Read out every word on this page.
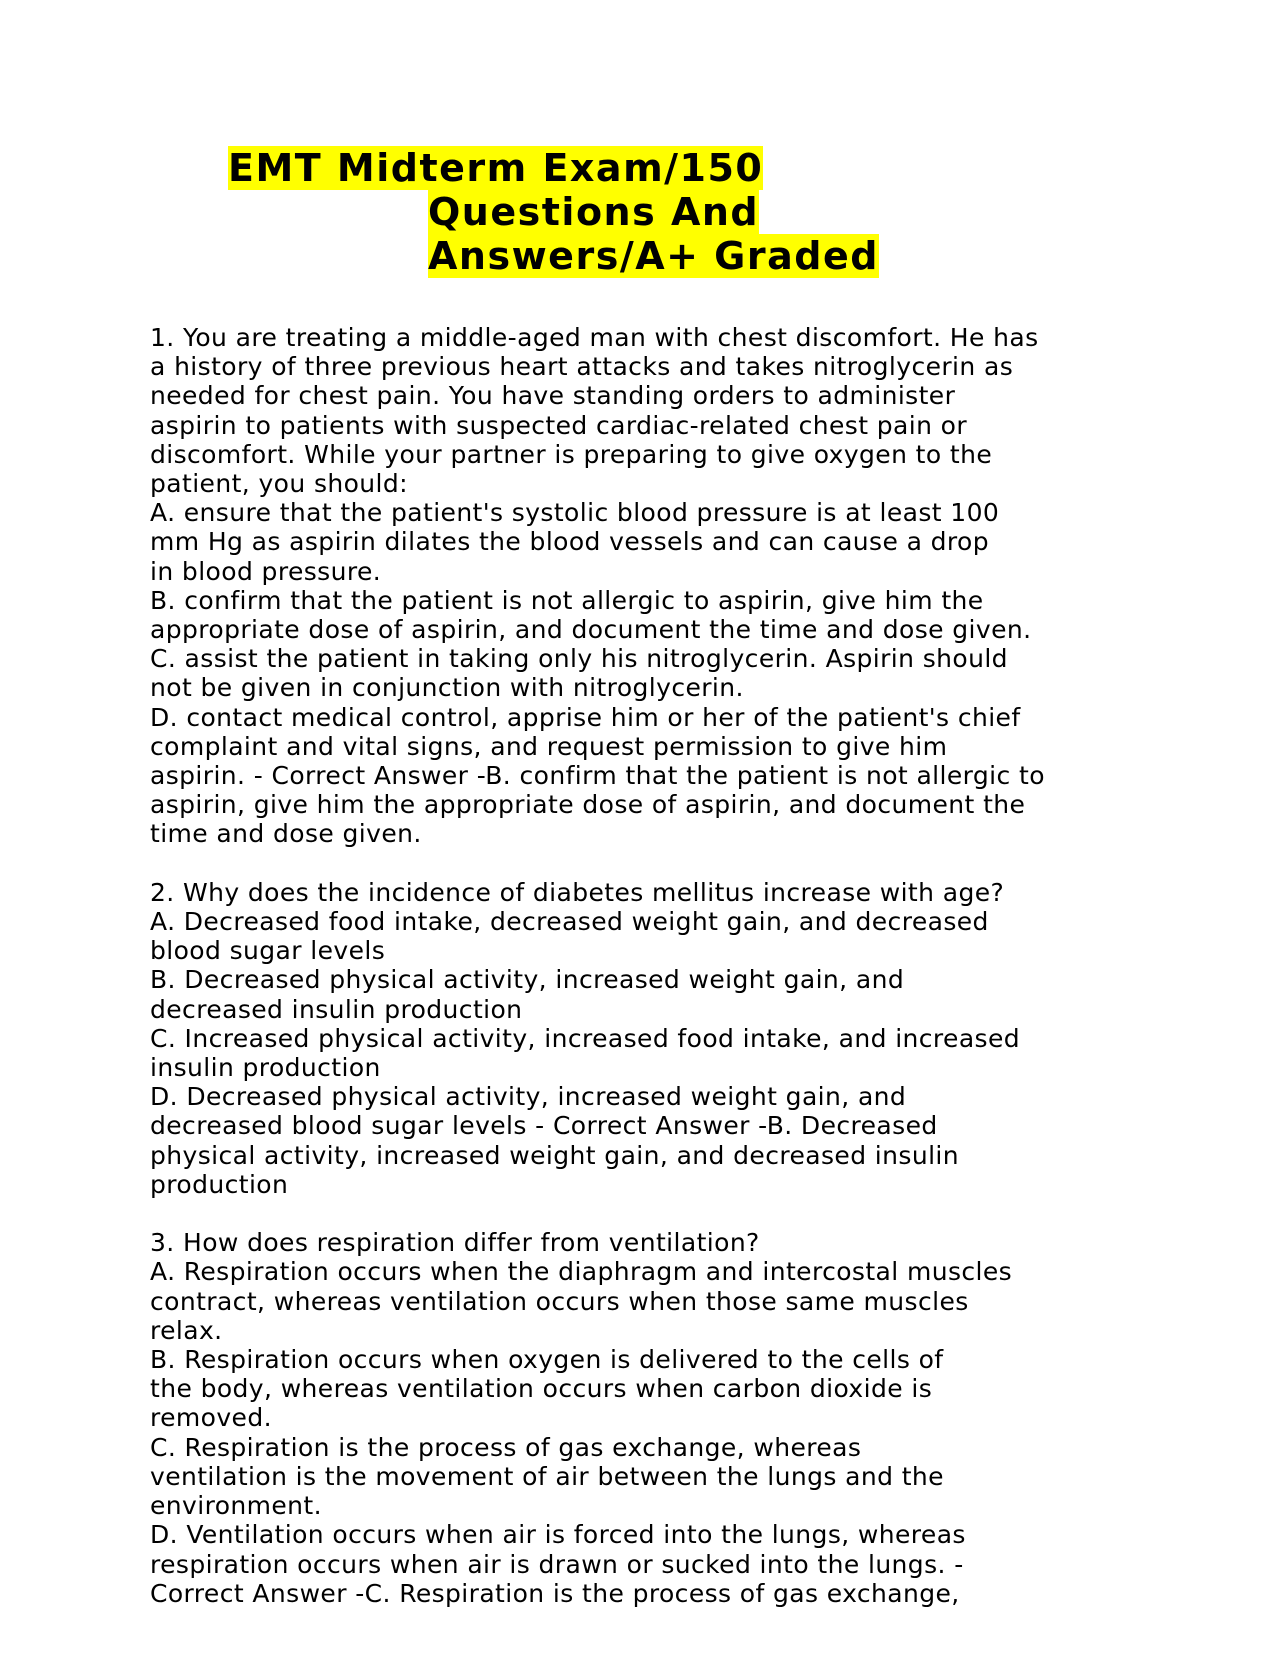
EMT Midterm Exam/150
Questions And
Answers/A+ Graded
1. You are treating a middle-aged man with chest discomfort. He has
a history of three previous heart attacks and takes nitroglycerin as
needed for chest pain. You have standing orders to administer
aspirin to patients with suspected cardiac-related chest pain or
discomfort. While your partner is preparing to give oxygen to the
patient, you should:
A. ensure that the patient's systolic blood pressure is at least 100
mm Hg as aspirin dilates the blood vessels and can cause a drop
in blood pressure.
B. confirm that the patient is not allergic to aspirin, give him the
appropriate dose of aspirin, and document the time and dose given.
C. assist the patient in taking only his nitroglycerin. Aspirin should
not be given in conjunction with nitroglycerin.
D. contact medical control, apprise him or her of the patient's chief
complaint and vital signs, and request permission to give him
aspirin. - Correct Answer -B. confirm that the patient is not allergic to
aspirin, give him the appropriate dose of aspirin, and document the
time and dose given.
2. Why does the incidence of diabetes mellitus increase with age?
A. Decreased food intake, decreased weight gain, and decreased
blood sugar levels
B. Decreased physical activity, increased weight gain, and
decreased insulin production
C. Increased physical activity, increased food intake, and increased
insulin production
D. Decreased physical activity, increased weight gain, and
decreased blood sugar levels - Correct Answer -B. Decreased
physical activity, increased weight gain, and decreased insulin
production
3. How does respiration differ from ventilation?
A. Respiration occurs when the diaphragm and intercostal muscles
contract, whereas ventilation occurs when those same muscles
relax.
B. Respiration occurs when oxygen is delivered to the cells of
the body, whereas ventilation occurs when carbon dioxide is
removed.
C. Respiration is the process of gas exchange, whereas
ventilation is the movement of air between the lungs and the
environment.
D. Ventilation occurs when air is forced into the lungs, whereas
respiration occurs when air is drawn or sucked into the lungs. -
Correct Answer -C. Respiration is the process of gas exchange,
